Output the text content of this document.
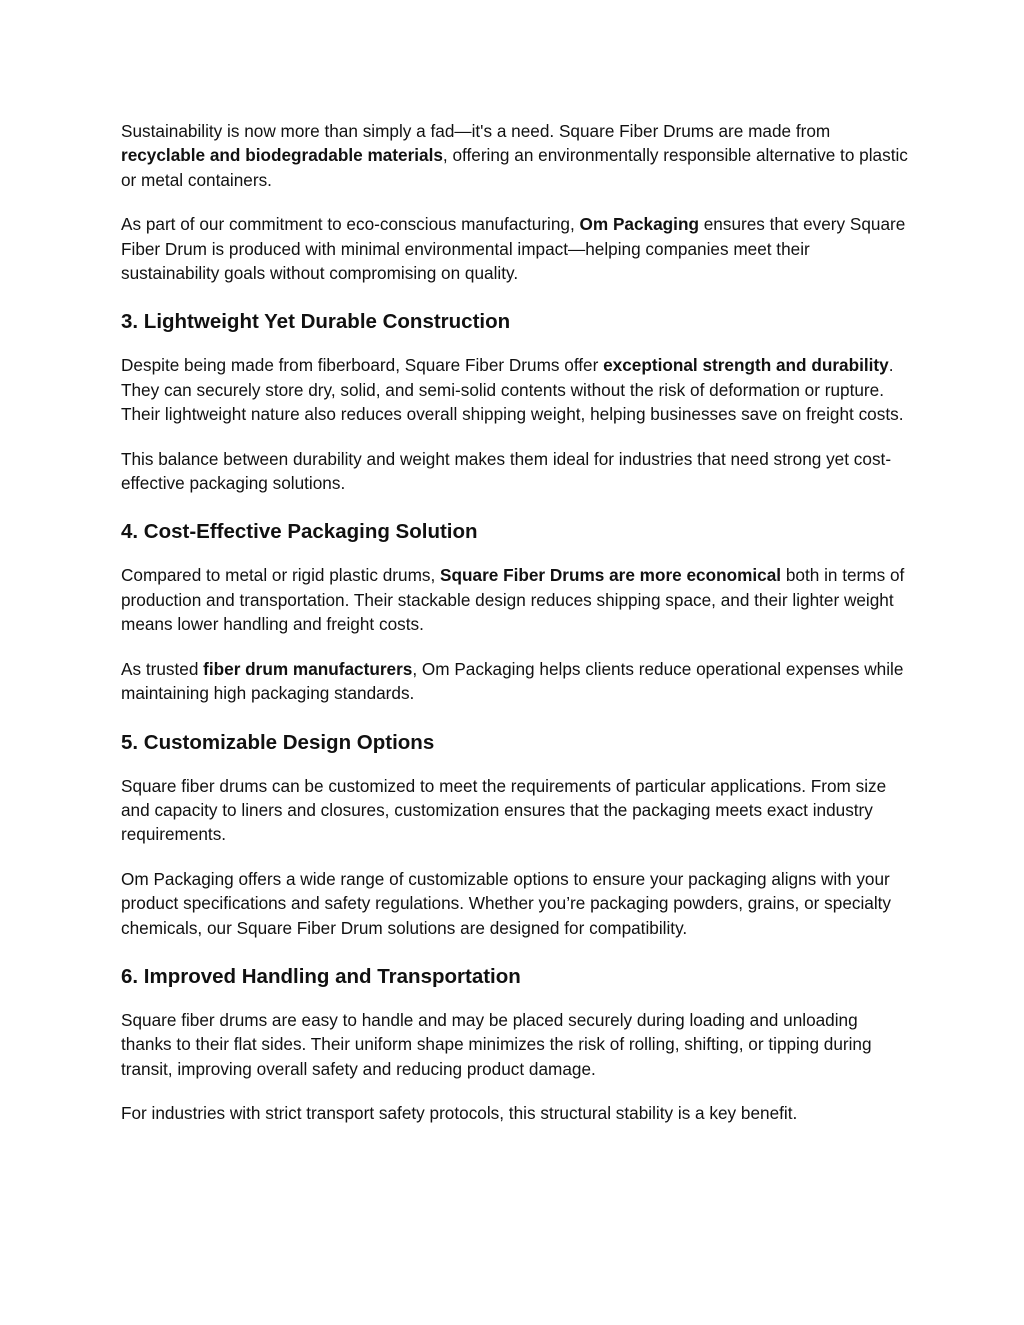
Sustainability is now more than simply a fad—it's a need. Square Fiber Drums are made from recyclable and biodegradable materials, offering an environmentally responsible alternative to plastic or metal containers.

As part of our commitment to eco-conscious manufacturing, Om Packaging ensures that every Square Fiber Drum is produced with minimal environmental impact—helping companies meet their sustainability goals without compromising on quality.

3. Lightweight Yet Durable Construction

Despite being made from fiberboard, Square Fiber Drums offer exceptional strength and durability. They can securely store dry, solid, and semi-solid contents without the risk of deformation or rupture. Their lightweight nature also reduces overall shipping weight, helping businesses save on freight costs.

This balance between durability and weight makes them ideal for industries that need strong yet cost-effective packaging solutions.

4. Cost-Effective Packaging Solution

Compared to metal or rigid plastic drums, Square Fiber Drums are more economical both in terms of production and transportation. Their stackable design reduces shipping space, and their lighter weight means lower handling and freight costs.

As trusted fiber drum manufacturers, Om Packaging helps clients reduce operational expenses while maintaining high packaging standards.

5. Customizable Design Options

Square fiber drums can be customized to meet the requirements of particular applications. From size and capacity to liners and closures, customization ensures that the packaging meets exact industry requirements.

Om Packaging offers a wide range of customizable options to ensure your packaging aligns with your product specifications and safety regulations. Whether you’re packaging powders, grains, or specialty chemicals, our Square Fiber Drum solutions are designed for compatibility.

6. Improved Handling and Transportation

Square fiber drums are easy to handle and may be placed securely during loading and unloading thanks to their flat sides. Their uniform shape minimizes the risk of rolling, shifting, or tipping during transit, improving overall safety and reducing product damage.

For industries with strict transport safety protocols, this structural stability is a key benefit.
